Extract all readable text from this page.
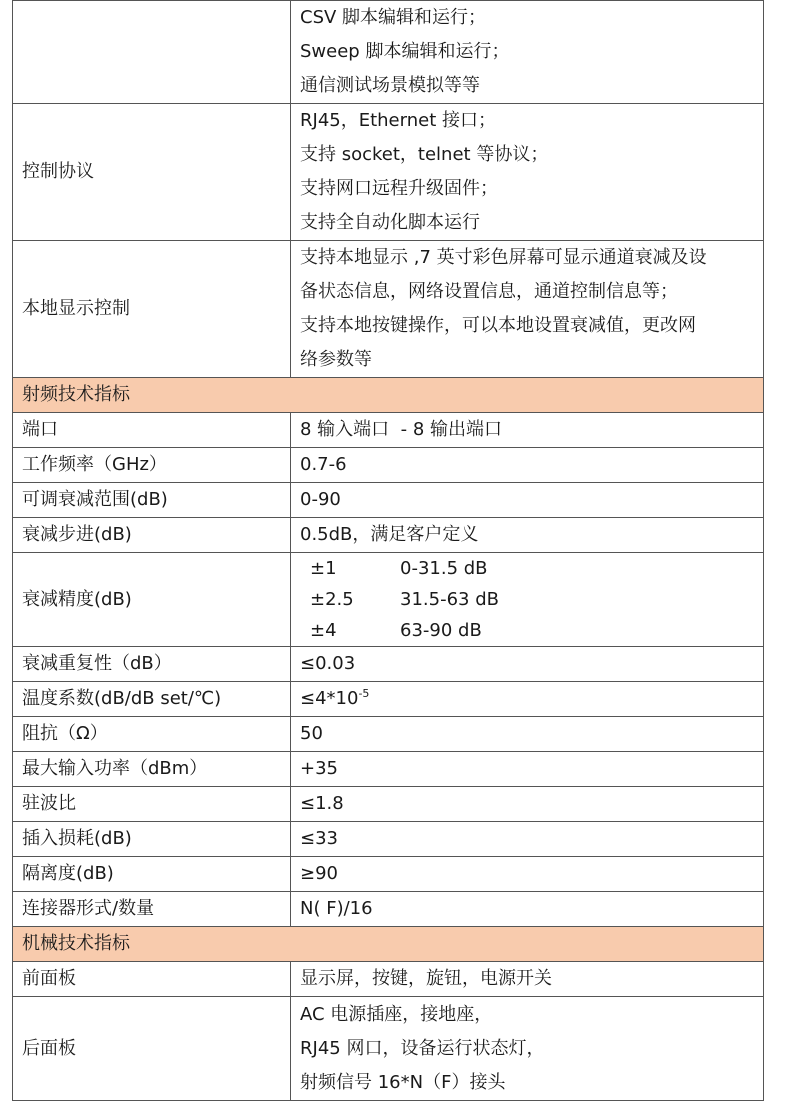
	CSV 脚本编辑和运行；
Sweep 脚本编辑和运行；
通信测试场景模拟等等

控制协议	RJ45，Ethernet 接口；
支持 socket，telnet 等协议；
支持网口远程升级固件；
支持全自动化脚本运行

本地显示控制	支持本地显示 ,7 英寸彩色屏幕可显示通道衰减及设
备状态信息，网络设置信息，通道控制信息等；
支持本地按键操作，可以本地设置衰减值，更改网
络参数等

射频技术指标	
端口	8 输入端口  - 8 输出端口
工作频率（GHz）	0.7-6
可调衰减范围(dB)	0-90
衰减步进(dB)	0.5dB，满足客户定义
衰减精度(dB)	±1 0-31.5 dB
±2.5 31.5-63 dB
±4 63-90 dB

衰减重复性（dB）	≤0.03
温度系数(dB/dB set/℃)	$\le 4*10^{-5}$
阻抗（Ω）	50
最大输入功率（dBm）	+35
驻波比	≤1.8
插入损耗(dB)	≤33
隔离度(dB)	≥90
连接器形式/数量	N( F)/16
机械技术指标	
前面板	显示屏，按键，旋钮，电源开关
后面板	AC 电源插座，接地座，
RJ45 网口，设备运行状态灯，
射频信号 16*N（F）接头
